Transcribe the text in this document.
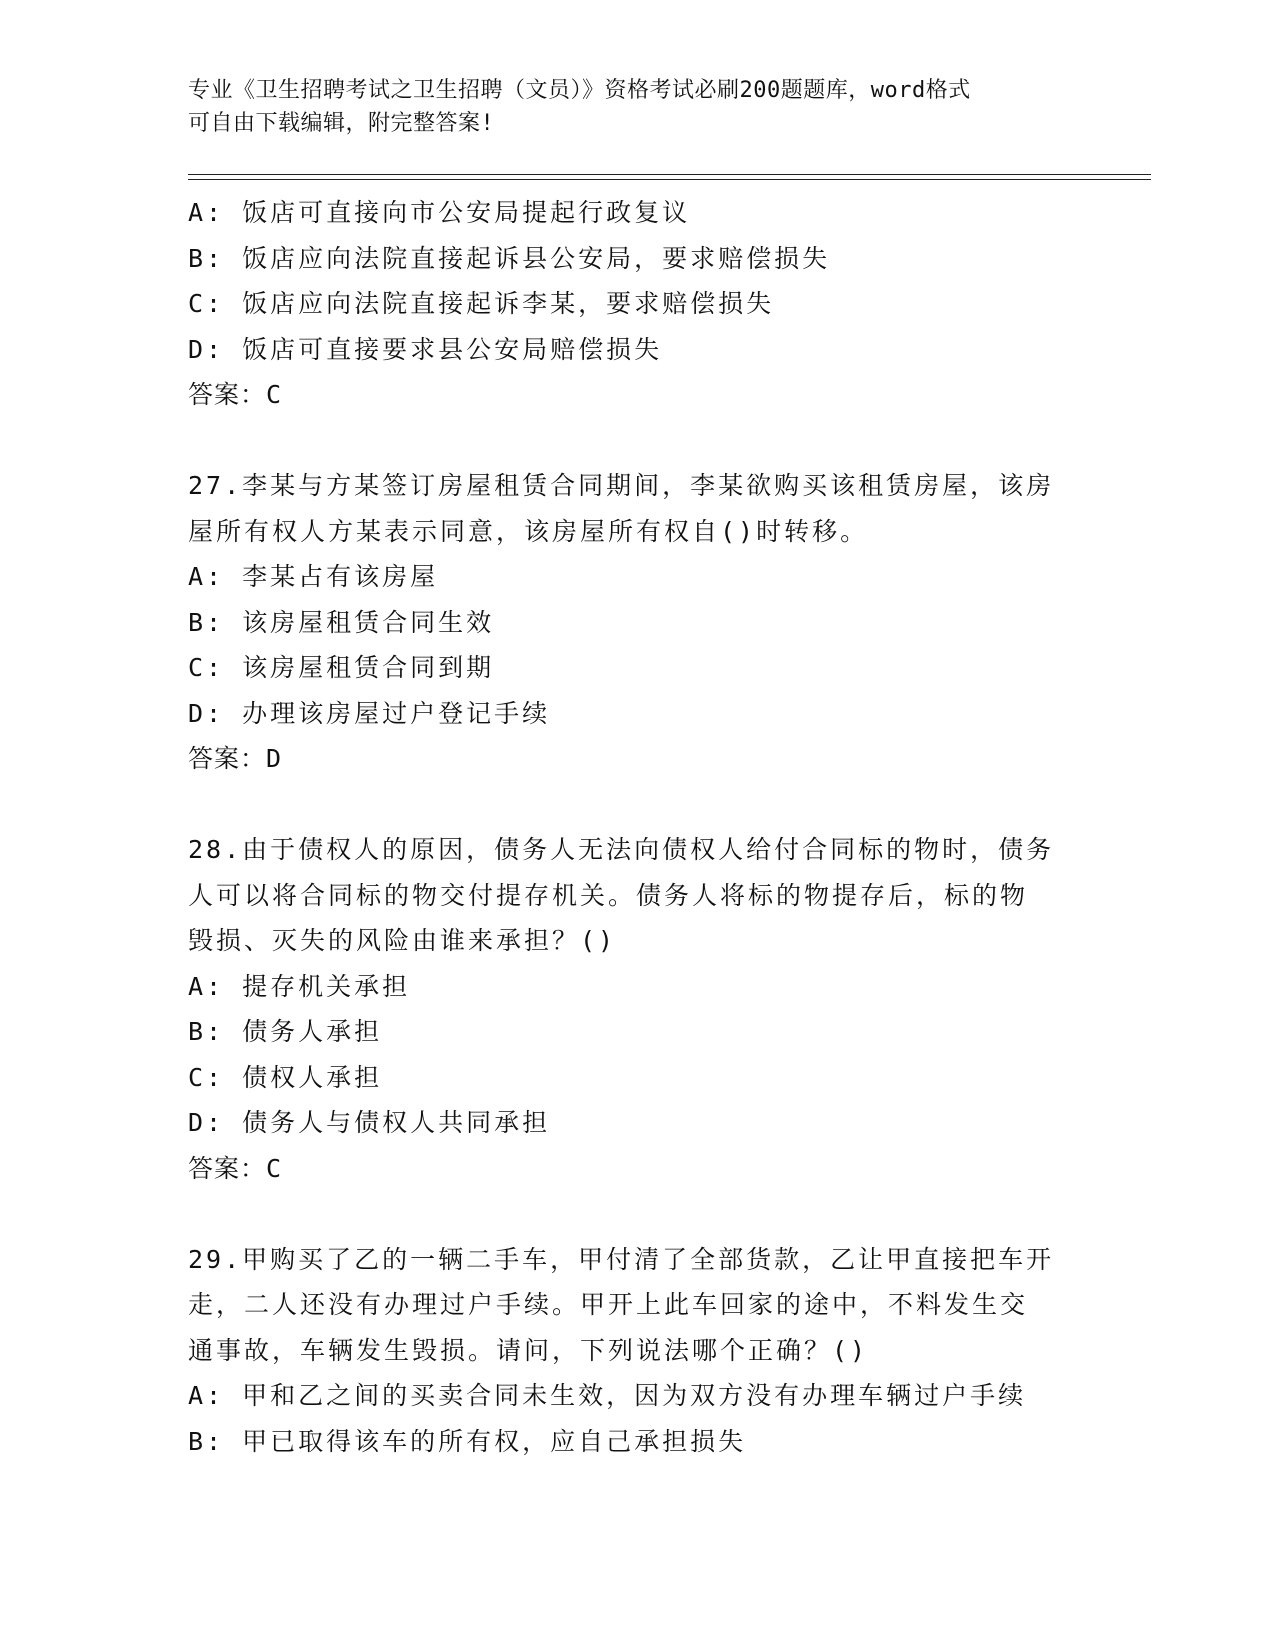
专业《卫生招聘考试之卫生招聘（文员）》资格考试必刷200题题库，word格式
可自由下载编辑，附完整答案!
A: 饭店可直接向市公安局提起行政复议
B: 饭店应向法院直接起诉县公安局，要求赔偿损失
C: 饭店应向法院直接起诉李某，要求赔偿损失
D: 饭店可直接要求县公安局赔偿损失
答案：C
27.李某与方某签订房屋租赁合同期间，李某欲购买该租赁房屋，该房
屋所有权人方某表示同意，该房屋所有权自()时转移。
A: 李某占有该房屋
B: 该房屋租赁合同生效
C: 该房屋租赁合同到期
D: 办理该房屋过户登记手续
答案：D
28.由于债权人的原因，债务人无法向债权人给付合同标的物时，债务
人可以将合同标的物交付提存机关。债务人将标的物提存后，标的物
毁损、灭失的风险由谁来承担？()
A: 提存机关承担
B: 债务人承担
C: 债权人承担
D: 债务人与债权人共同承担
答案：C
29.甲购买了乙的一辆二手车，甲付清了全部货款，乙让甲直接把车开
走，二人还没有办理过户手续。甲开上此车回家的途中，不料发生交
通事故，车辆发生毁损。请问，下列说法哪个正确？()
A: 甲和乙之间的买卖合同未生效，因为双方没有办理车辆过户手续
B: 甲已取得该车的所有权，应自己承担损失
